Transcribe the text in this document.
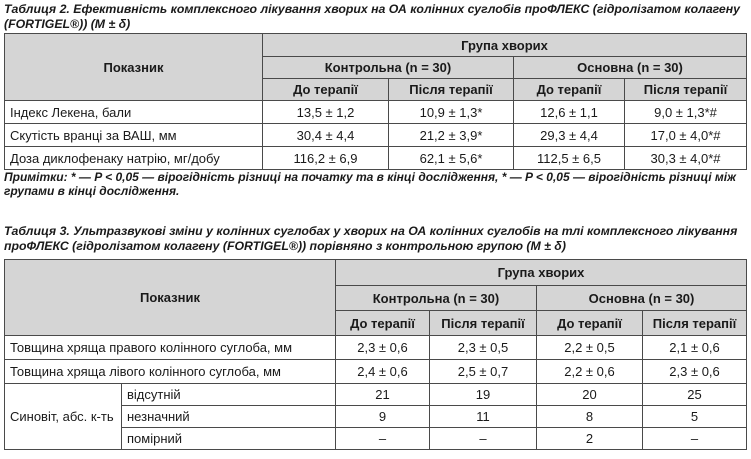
Таблиця 2. Ефективність комплексного лікування хворих на ОА колінних суглобів проФЛЕКС (гідролізатом колагену (FORTIGEL®)) (M ± δ)
Показник	Група хворих			
	Контрольна (n = 30)		Основна (n = 30)	
	До терапії	Після терапії	До терапії	Після терапії
Індекс Лекена, бали	13,5 ± 1,2	10,9 ± 1,3*	12,6 ± 1,1	9,0 ± 1,3*#
Скутість вранці за ВАШ, мм	30,4 ± 4,4	21,2 ± 3,9*	29,3 ± 4,4	17,0 ± 4,0*#
Доза диклофенаку натрію, мг/добу	116,2 ± 6,9	62,1 ± 5,6*	112,5 ± 6,5	30,3 ± 4,0*#
Примітки: * — P < 0,05 — вірогідність різниці на початку та в кінці дослідження, * — P < 0,05 — вірогідність різниці між групами в кінці дослідження.
Таблиця 3. Ультразвукові зміни у колінних суглобах у хворих на ОА колінних суглобів на тлі комплексного лікування проФЛЕКС (гідролізатом колагену (FORTIGEL®)) порівняно з контрольною групою (M ± δ)
Показник		Група хворих			
		Контрольна (n = 30)		Основна (n = 30)	
		До терапії	Після терапії	До терапії	Після терапії
Товщина хряща правого колінного суглоба, мм		2,3 ± 0,6	2,3 ± 0,5	2,2 ± 0,5	2,1 ± 0,6
Товщина хряща лівого колінного суглоба, мм		2,4 ± 0,6	2,5 ± 0,7	2,2 ± 0,6	2,3 ± 0,6
Синовіт, абс. к-ть	відсутній	21	19	20	25
	незначний	9	11	8	5
	помірний	–	–	2	–
